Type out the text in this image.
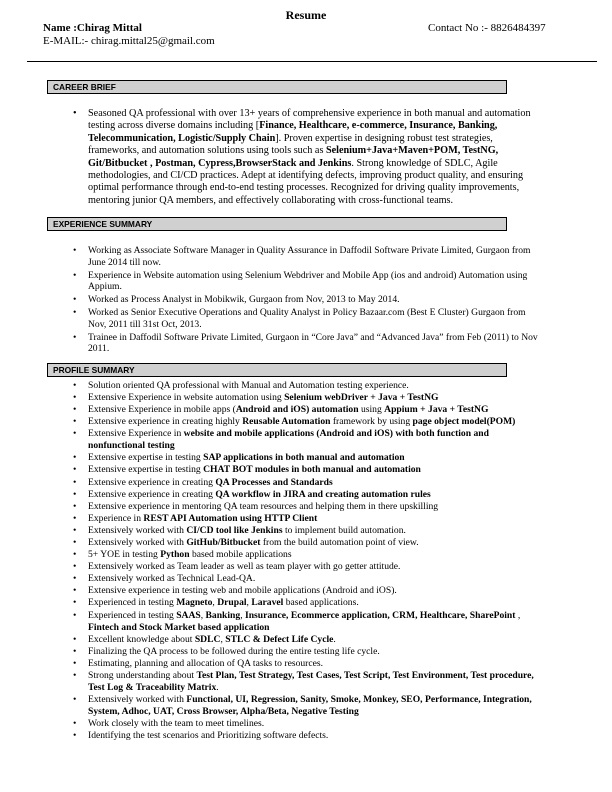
Resume
Name :Chirag Mittal	Contact No :- 8826484397
E-MAIL:- chirag.mittal25@gmail.com
CAREER BRIEF
• Seasoned QA professional with over 13+ years of comprehensive experience in both manual and automation testing across diverse domains including [Finance, Healthcare, e-commerce, Insurance, Banking, Telecommunication, Logistic/Supply Chain]. Proven expertise in designing robust test strategies, frameworks, and automation solutions using tools such as Selenium+Java+Maven+POM, TestNG, Git/Bitbucket , Postman, Cypress,BrowserStack and Jenkins. Strong knowledge of SDLC, Agile methodologies, and CI/CD practices. Adept at identifying defects, improving product quality, and ensuring optimal performance through end-to-end testing processes. Recognized for driving quality improvements, mentoring junior QA members, and effectively collaborating with cross-functional teams.
EXPERIENCE SUMMARY
• Working as Associate Software Manager in Quality Assurance in Daffodil Software Private Limited, Gurgaon from June 2014 till now.
• Experience in Website automation using Selenium Webdriver and Mobile App (ios and android) Automation using Appium.
• Worked as Process Analyst in Mobikwik, Gurgaon from Nov, 2013 to May 2014.
• Worked as Senior Executive Operations and Quality Analyst in Policy Bazaar.com (Best E Cluster) Gurgaon from Nov, 2011 till 31st Oct, 2013.
• Trainee in Daffodil Software Private Limited, Gurgaon in “Core Java” and “Advanced Java” from Feb (2011) to Nov 2011.
PROFILE SUMMARY
• Solution oriented QA professional with Manual and Automation testing experience.
• Extensive Experience in website automation using Selenium webDriver + Java + TestNG
• Extensive Experience in mobile apps (Android and iOS) automation using Appium + Java + TestNG
• Extensive experience in creating highly Reusable Automation framework by using page object model(POM)
• Extensive Experience in website and mobile applications (Android and iOS) with both function and nonfunctional testing
• Extensive expertise in testing SAP applications in both manual and automation
• Extensive expertise in testing CHAT BOT modules in both manual and automation
• Extensive experience in creating QA Processes and Standards
• Extensive experience in creating QA workflow in JIRA and creating automation rules
• Extensive experience in mentoring QA team resources and helping them in there upskilling
• Experience in REST API Automation using HTTP Client
• Extensively worked with CI/CD tool like Jenkins to implement build automation.
• Extensively worked with GitHub/Bitbucket from the build automation point of view.
• 5+ YOE in testing Python based mobile applications
• Extensively worked as Team leader as well as team player with go getter attitude.
• Extensively worked as Technical Lead-QA.
• Extensive experience in testing web and mobile applications (Android and iOS).
• Experienced in testing Magneto, Drupal, Laravel based applications.
• Experienced in testing SAAS, Banking, Insurance, Ecommerce application, CRM, Healthcare, SharePoint , Fintech and Stock Market based application
• Excellent knowledge about SDLC, STLC & Defect Life Cycle.
• Finalizing the QA process to be followed during the entire testing life cycle.
• Estimating, planning and allocation of QA tasks to resources.
• Strong understanding about Test Plan, Test Strategy, Test Cases, Test Script, Test Environment, Test procedure, Test Log & Traceability Matrix.
• Extensively worked with Functional, UI, Regression, Sanity, Smoke, Monkey, SEO, Performance, Integration, System, Adhoc, UAT, Cross Browser, Alpha/Beta, Negative Testing
• Work closely with the team to meet timelines.
• Identifying the test scenarios and Prioritizing software defects.
